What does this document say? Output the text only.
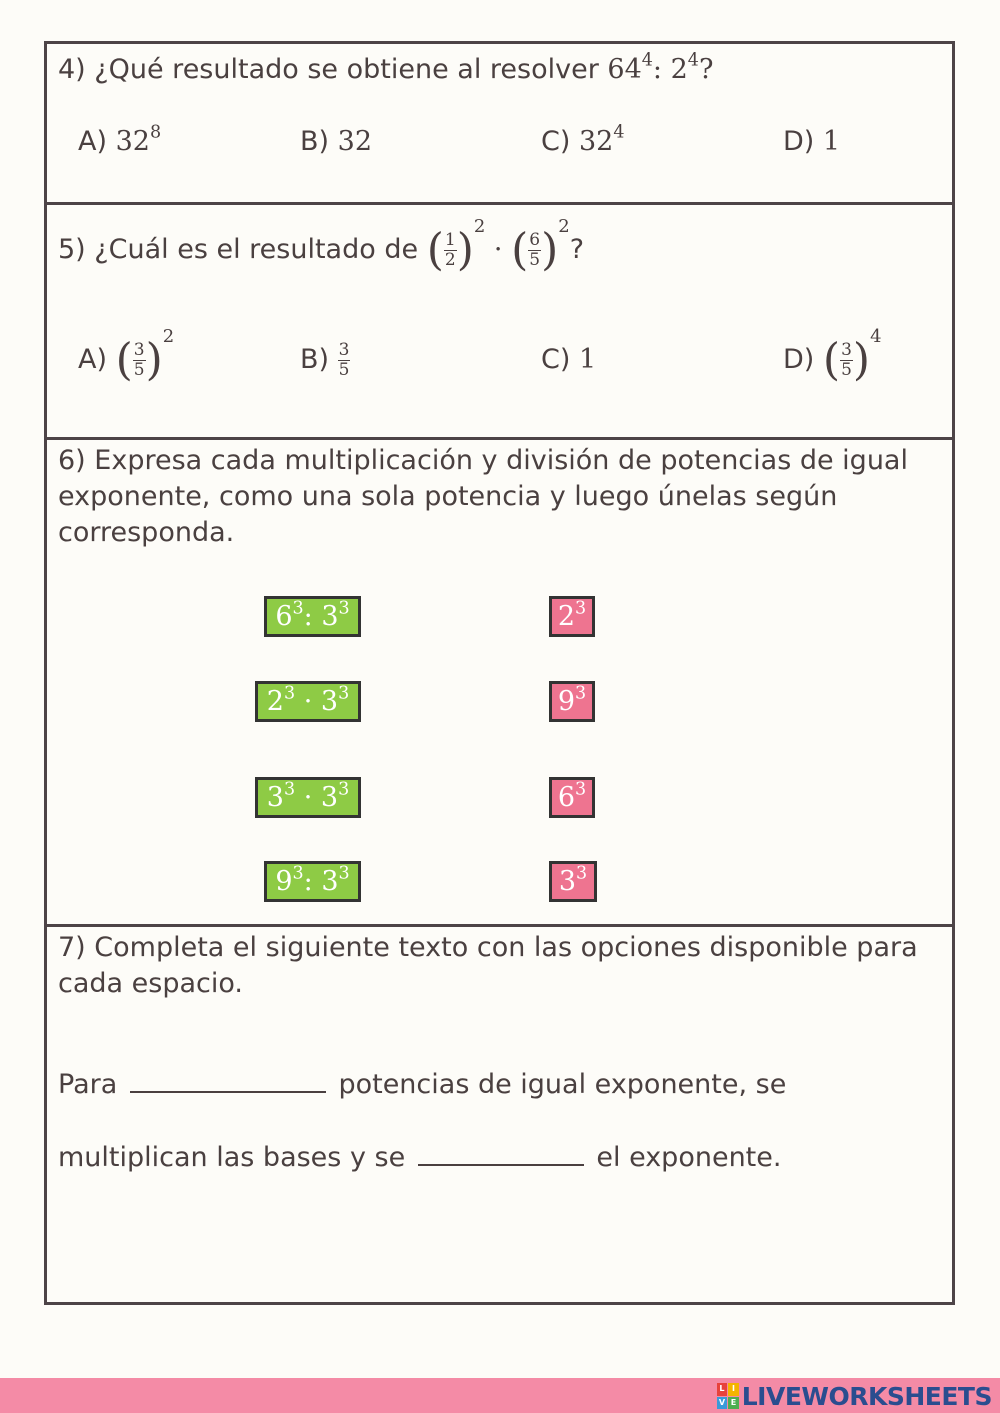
4) ¿Qué resultado se obtiene al resolver $64^4$: $2^4$?
A) $32^8$	B) 32	C) $32^4$	D) 1
5) ¿Cuál es el resultado de ( $\frac{1}{2} )^2$ · ( $\frac{6}{5} )^2$?
A) ( $\frac{3}{5} )^2$
$B) \frac{3}{5}$	C) 1	D) ( $\frac{3}{5} )^4$
6) Expresa cada multiplicación y división de potencias de igual exponente, como una sola potencia y luego únelas según corresponda.
$6^3$: $3^3$
$2^3 \cdot 3^3$
$3^3 \cdot 3^3$
$9^3$: $3^3$
$2^3$
$9^3$
$6^3$
$3^3$
7) Completa el siguiente texto con las opciones disponible para cada espacio.
Para	potencias de igual exponente, se
multiplican las bases y se	el exponente.
L I
V E LIVEWORKSHEETS
